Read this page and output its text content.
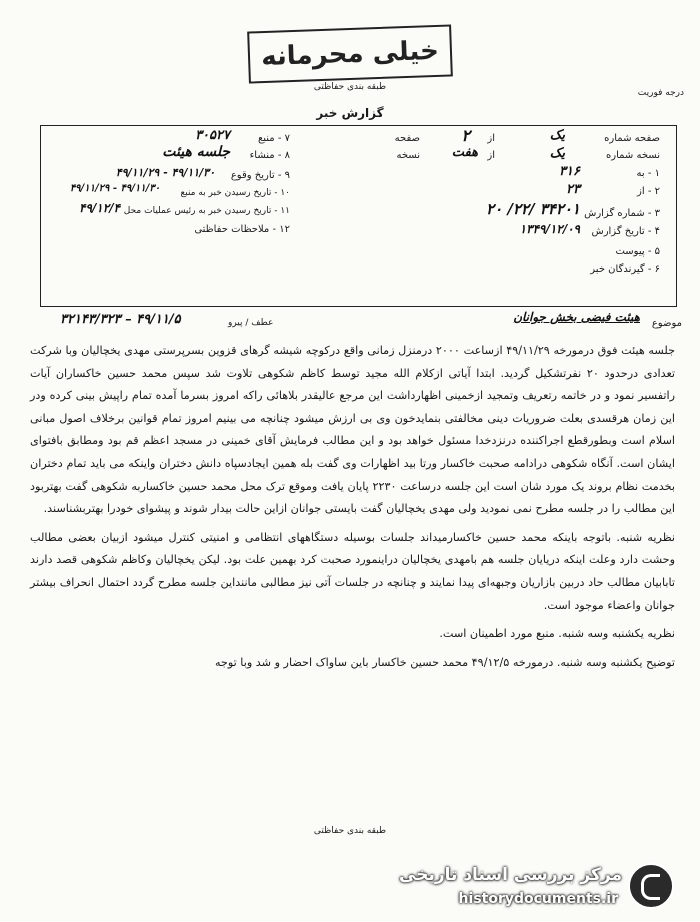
خیلی محرمانه
طبقه بندی حفاظتی
درجه فوریت
گزارش خبر
صفحه شماره
یک
از
۲
صفحه
نسخه شماره
یک
از
هفت
نسخه
۱ - به
۳۱۶
۲ - از
۲۳
۳ - شماره گزارش
۳۴۲۰۱ /۲۲/ ۲۰
۴ - تاریخ گزارش
۱۳۴۹/۱۲/۰۹
۵ - پیوست
۶ - گیرندگان خبر
۷ - منبع
۳۰۵۲۷
۸ - منشاء
جلسه هیئت
۹ - تاریخ وقوع
۴۹/۱۱/۳۰ - ۴۹/۱۱/۲۹
۱۰ - تاریخ رسیدن خبر به منبع
۴۹/۱۱/۳۰ - ۴۹/۱۱/۲۹
۱۱ - تاریخ رسیدن خبر به رئیس عملیات محل
۴۹/۱۲/۴
۱۲ - ملاحظات حفاظتی
موضوع
هیئت فیضی بخش جوانان
عطف / پیرو
۳۲۱۴۳/۳۲۳ – ۴۹/۱۱/۵

جلسه هیئت فوق درمورخه ۴۹/۱۱/۲۹ ازساعت ۲۰۰۰ درمنزل زمانی واقع درکوچه شیشه گرهای قزوین بسرپرستی مهدی یخچالیان وبا شرکت تعدادی درحدود ۲۰ نفرتشکیل گردید. ابتدا آیاتی ازکلام الله مجید توسط کاظم شکوهی تلاوت شد سپس محمد حسین خاکساران آیات راتفسیر نمود و در خاتمه رتعریف وتمجید ازخمینی اظهارداشت این مرجع عالیقدر بلاهائی راکه امروز بسرما آمده تمام راپیش بینی کرده ودر این زمان هرقسدی بعلت ضروریات دینی مخالفتی بنمایدخون وی بی ارزش میشود چنانچه می بینیم امروز تمام قوانین برخلاف اصول مبانی اسلام است وبطورقطع اجراکننده درنزدخدا مسئول خواهد بود و این مطالب فرمایش آقای خمینی در مسجد اعظم قم بود ومطابق بافتوای ایشان است. آنگاه شکوهی درادامه صحبت خاکسار ورتا بید اظهارات وی گفت بله همین ایجادسپاه دانش دختران واینکه می باید تمام دختران بخدمت نظام بروند یک مورد شان است این جلسه درساعت ۲۲۳۰ پایان یافت وموقع ترک محل محمد حسین خاکساربه شکوهی گفت بهتربود این مطالب را در جلسه مطرح نمی نمودید ولی مهدی یخچالیان گفت بایستی جوانان ازاین حالت بیدار شوند و پیشوای خودرا بهتربشناسند.

نظریه شنبه. باتوجه باینکه محمد حسین خاکسارمیداند جلسات بوسیله دستگاههای انتظامی و امنیتی کنترل میشود ازبیان بعضی مطالب وحشت دارد وعلت اینکه دریایان جلسه هم بامهدی یخچالیان دراینمورد صحبت کرد بهمین علت بود. لیکن یخچالیان وکاظم شکوهی قصد دارند تابابیان مطالب حاد دربین بازاریان وجبهه‌ای پیدا نمایند و چنانچه در جلسات آتی نیز مطالبی ماننداین جلسه مطرح گردد احتمال انحراف بیشتر جوانان واعضاء موجود است.

نظریه یکشنبه وسه شنبه. منبع مورد اطمینان است.

توضیح یکشنبه وسه شنبه. درمورخه ۴۹/۱۲/۵ محمد حسین خاکسار باین ساواک احضار و شد وبا توجه

طبقه بندی حفاظتی
مرکز بررسی اسناد تاریخی
historydocuments.ir
